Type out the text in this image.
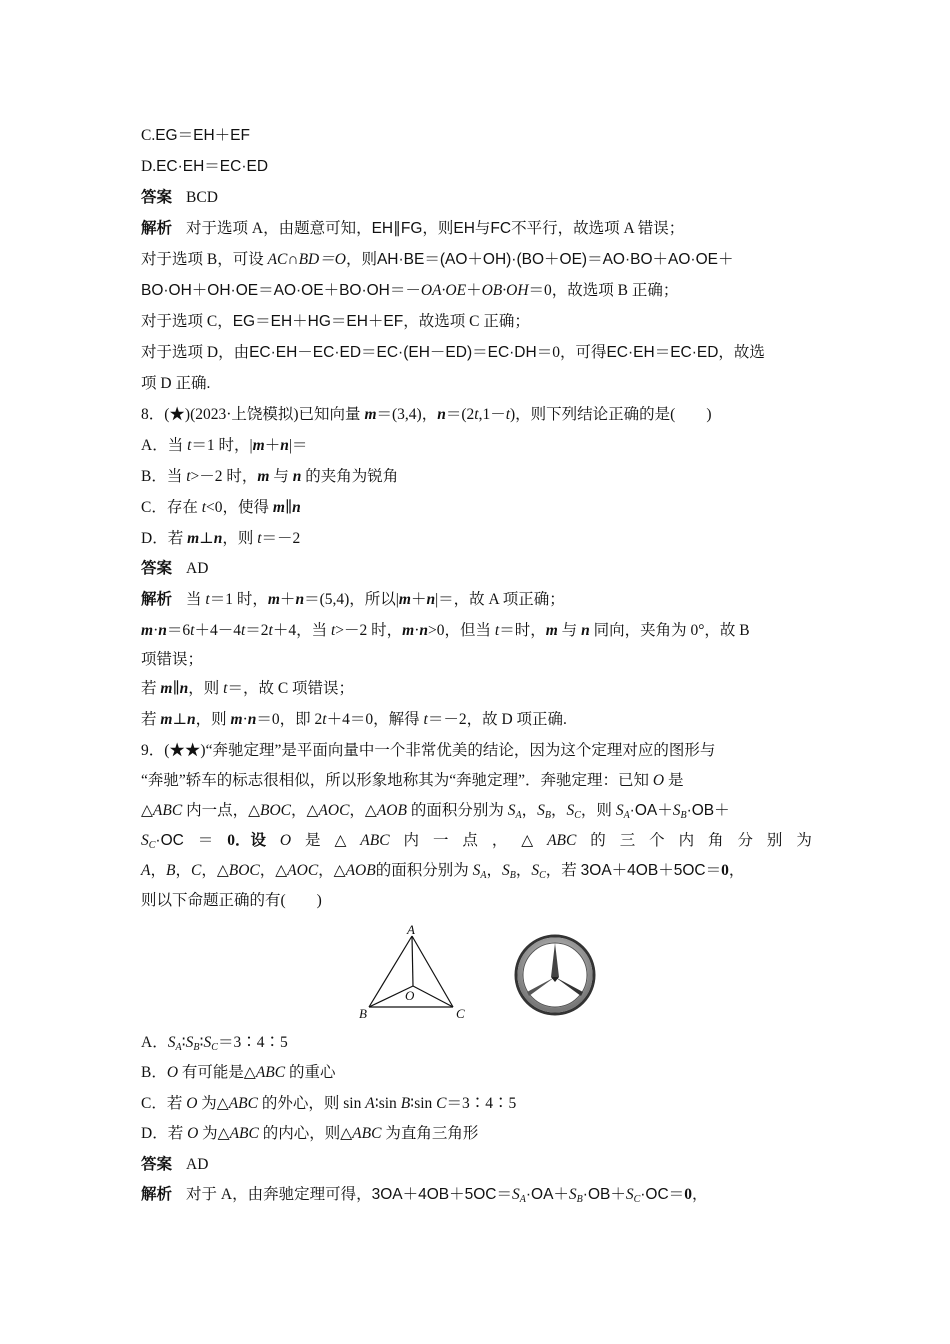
C.EG＝EH＋EF
D.EC·EH＝EC·ED
答案 BCD
解析 对于选项 A，由题意可知，EH∥FG，则EH与FC不平行，故选项 A 错误；
对于选项 B，可设 AC∩BD＝O，则AH·BE＝(AO＋OH)·(BO＋OE)＝AO·BO＋AO·OE＋
BO·OH＋OH·OE＝AO·OE＋BO·OH＝－OA·OE＋OB·OH＝0，故选项 B 正确；
对于选项 C，EG＝EH＋HG＝EH＋EF，故选项 C 正确；
对于选项 D，由EC·EH－EC·ED＝EC·(EH－ED)＝EC·DH＝0，可得EC·EH＝EC·ED，故选
项 D 正确.
8．(★)(2023·上饶模拟)已知向量 m＝(3,4)，n＝(2t,1－t)，则下列结论正确的是(　　)
A．当 t＝1 时，|m＋n|＝
B．当 t>－2 时，m 与 n 的夹角为锐角
C．存在 t<0，使得 m∥n
D．若 m⊥n，则 t＝－2
答案 AD
解析 当 t＝1 时，m＋n＝(5,4)，所以|m＋n|＝，故 A 项正确；
m·n＝6t＋4－4t＝2t＋4，当 t>－2 时，m·n>0，但当 t＝时，m 与 n 同向，夹角为 0°，故 B
项错误；
若 m∥n，则 t＝，故 C 项错误；
若 m⊥n，则 m·n＝0，即 2t＋4＝0，解得 t＝－2，故 D 项正确.
9．(★★)“奔驰定理”是平面向量中一个非常优美的结论，因为这个定理对应的图形与
“奔驰”轿车的标志很相似，所以形象地称其为“奔驰定理”．奔驰定理：已知 O 是
△ABC 内一点，△BOC，△AOC，△AOB 的面积分别为 $S_A$，$S_B$，$S_C$，则 $S_A\cdot OA+S_B\cdot OB+$
$S_C\cdot OC = 0$．设 O 是 △ ABC 内 一 点 ， △ ABC 的 三 个 内 角 分 别 为
A，B，C，△BOC，△AOC，△AOB的面积分别为 $S_A$，$S_B$，$S_C$，若 3OA＋4OB＋5OC＝0，
则以下命题正确的有(　　)
A
B	C
O
A．$S_A∶S_B∶S_C=3∶4∶5$
B．O 有可能是△ABC 的重心
C．若 O 为△ABC 的外心，则 sin A∶sin B∶sin C＝3∶4∶5
D．若 O 为△ABC 的内心，则△ABC 为直角三角形
答案 AD
解析 对于 A，由奔驰定理可得，$3OA+4OB+5OC=S_A\cdot OA+S_B\cdot OB+S_C\cdot OC=0$，
